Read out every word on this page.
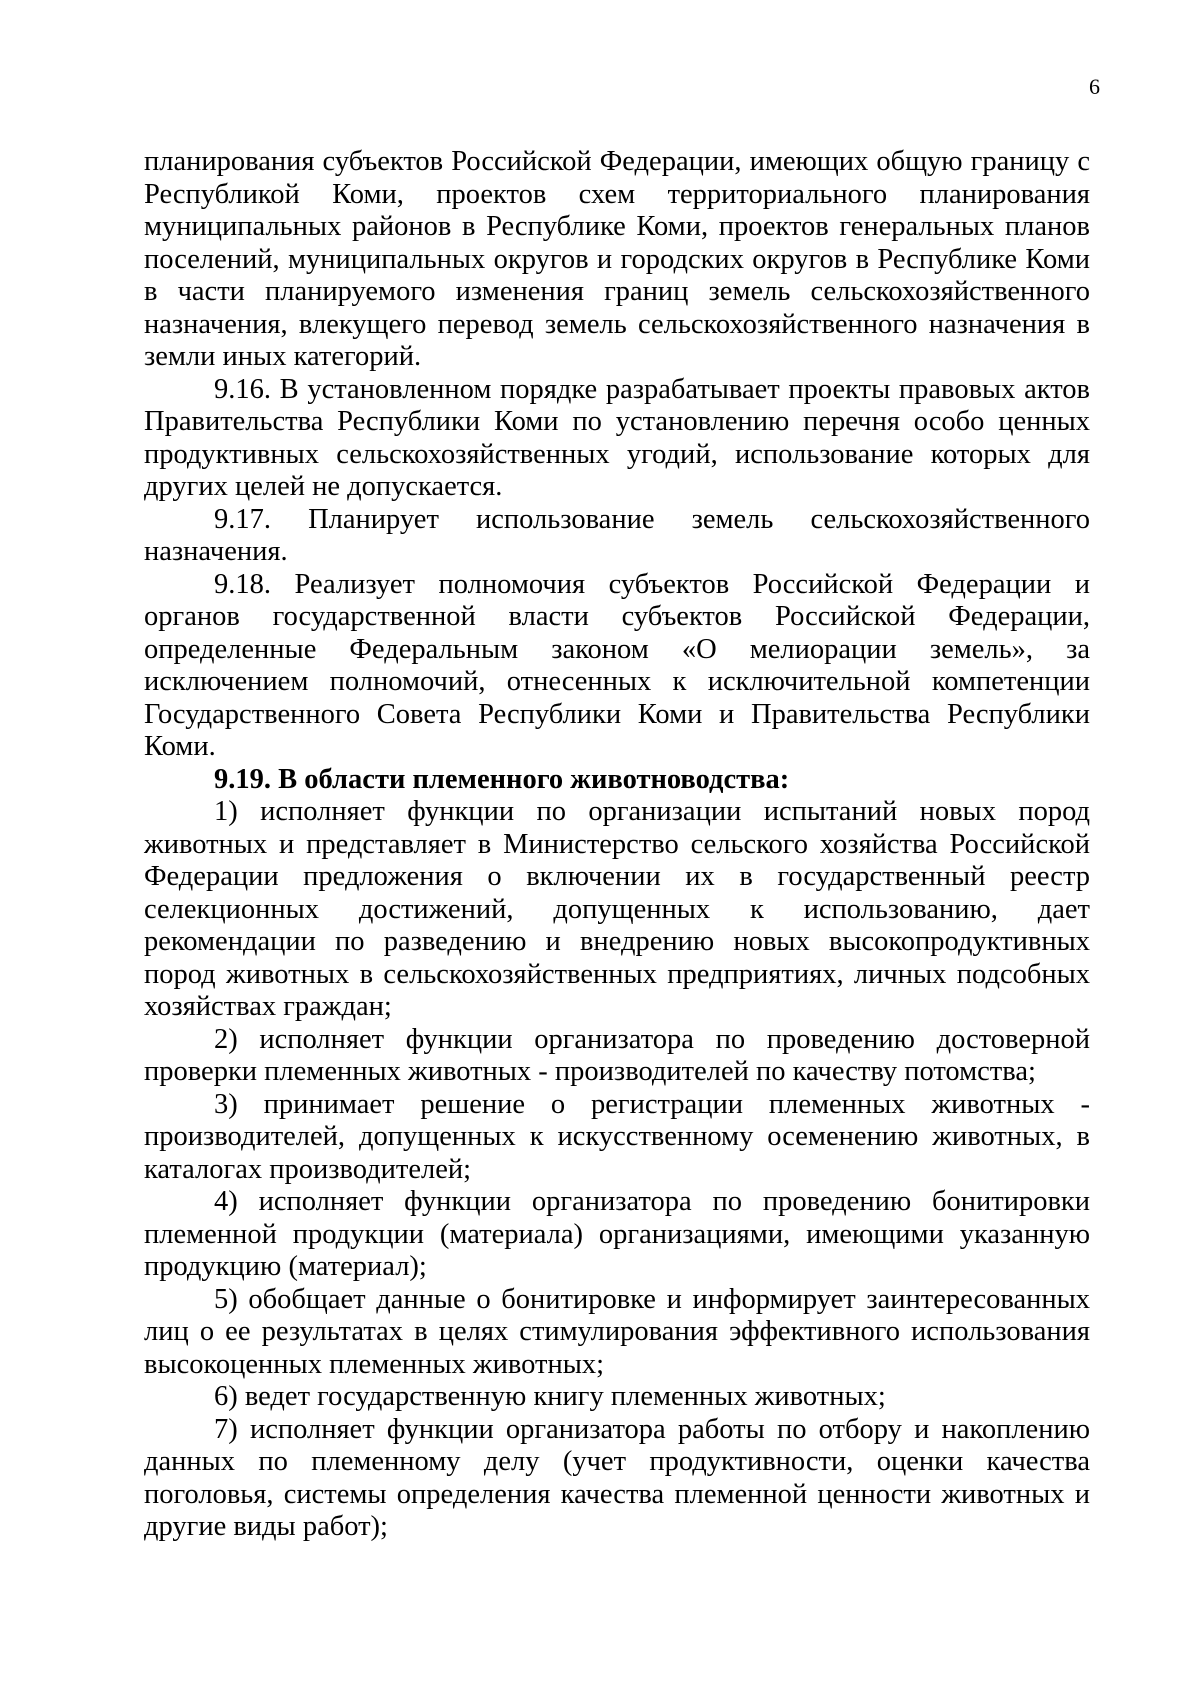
6

планирования субъектов Российской Федерации, имеющих общую границу с Республикой Коми, проектов схем территориального планирования муниципальных районов в Республике Коми, проектов генеральных планов поселений, муниципальных округов и городских округов в Республике Коми в части планируемого изменения границ земель сельскохозяйственного назначения, влекущего перевод земель сельскохозяйственного назначения в земли иных категорий.

9.16. В установленном порядке разрабатывает проекты правовых актов Правительства Республики Коми по установлению перечня особо ценных продуктивных сельскохозяйственных угодий, использование которых для других целей не допускается.

9.17. Планирует использование земель сельскохозяйственного назначения.

9.18. Реализует полномочия субъектов Российской Федерации и органов государственной власти субъектов Российской Федерации, определенные Федеральным законом «О мелиорации земель», за исключением полномочий, отнесенных к исключительной компетенции Государственного Совета Республики Коми и Правительства Республики Коми.

9.19. В области племенного животноводства:

1) исполняет функции по организации испытаний новых пород животных и представляет в Министерство сельского хозяйства Российской Федерации предложения о включении их в государственный реестр селекционных достижений, допущенных к использованию, дает рекомендации по разведению и внедрению новых высокопродуктивных пород животных в сельскохозяйственных предприятиях, личных подсобных хозяйствах граждан;

2) исполняет функции организатора по проведению достоверной проверки племенных животных - производителей по качеству потомства;

3) принимает решение о регистрации племенных животных - производителей, допущенных к искусственному осеменению животных, в каталогах производителей;

4) исполняет функции организатора по проведению бонитировки племенной продукции (материала) организациями, имеющими указанную продукцию (материал);

5) обобщает данные о бонитировке и информирует заинтересованных лиц о ее результатах в целях стимулирования эффективного использования высокоценных племенных животных;

6) ведет государственную книгу племенных животных;

7) исполняет функции организатора работы по отбору и накоплению данных по племенному делу (учет продуктивности, оценки качества поголовья, системы определения качества племенной ценности животных и другие виды работ);
